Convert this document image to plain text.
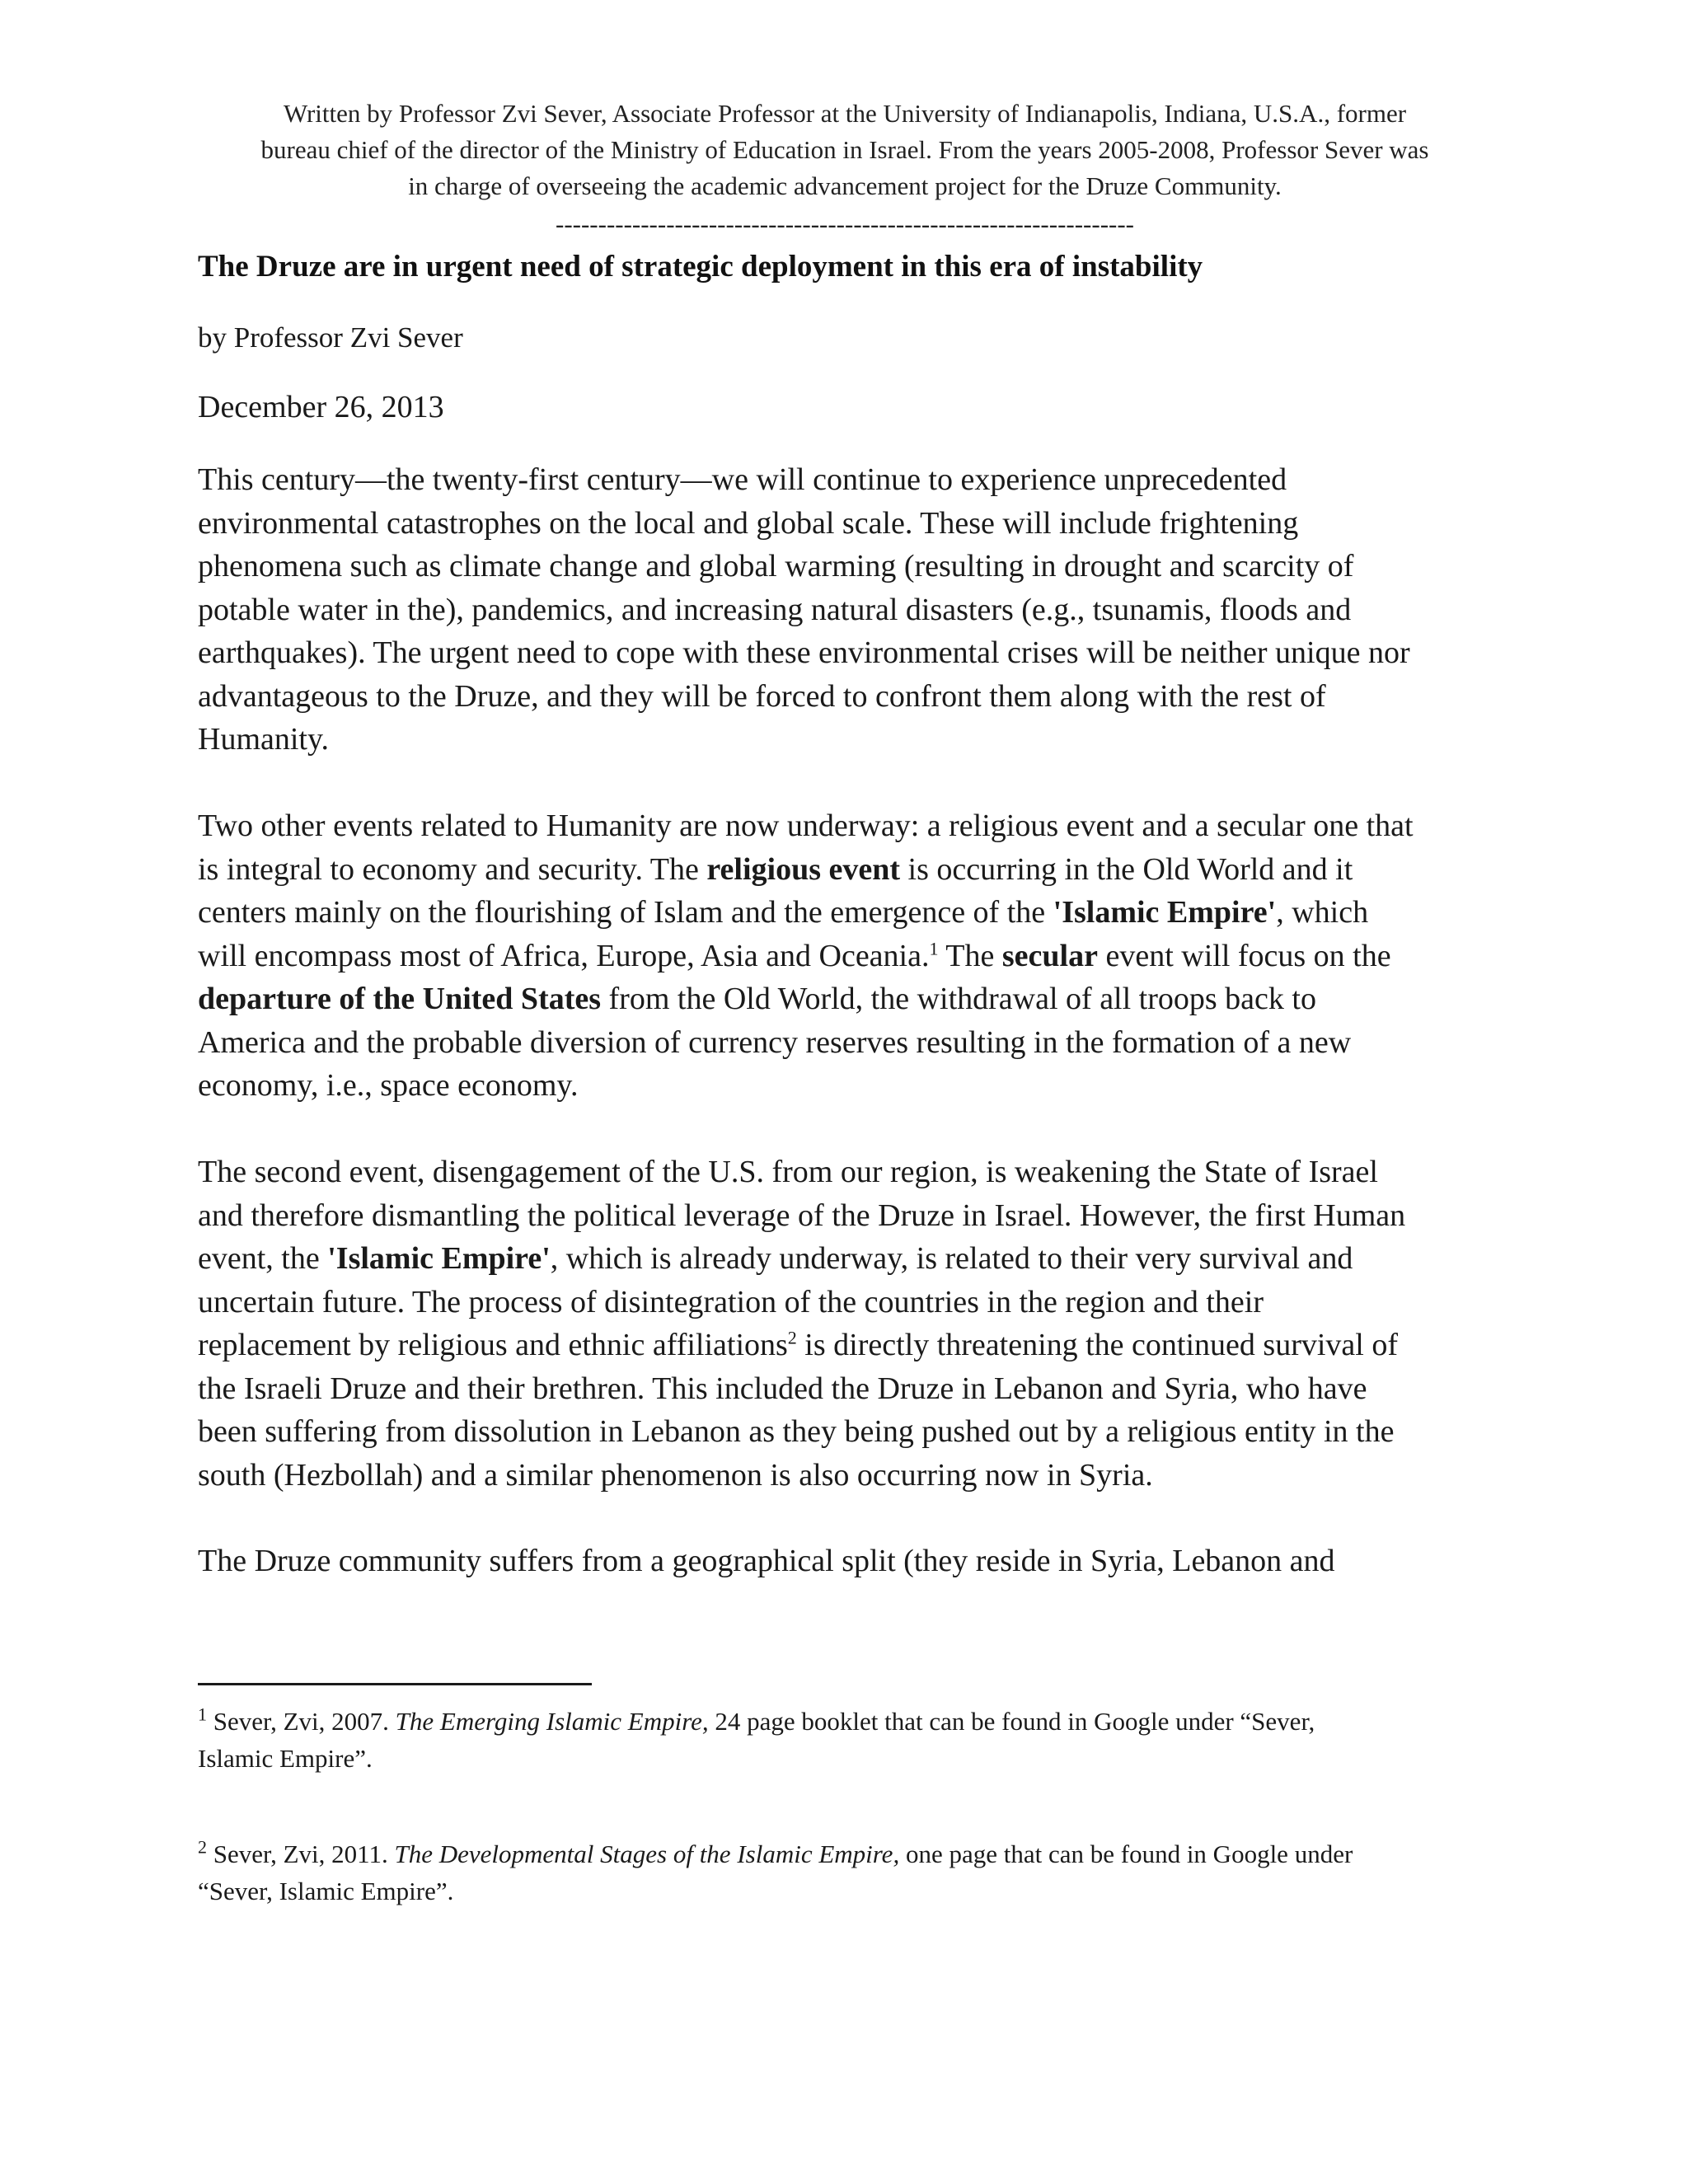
Written by Professor Zvi Sever, Associate Professor at the University of Indianapolis, Indiana, U.S.A., former
bureau chief of the director of the Ministry of Education in Israel. From the years 2005-2008, Professor Sever was
in charge of overseeing the academic advancement project for the Druze Community.
--------------------------------------------------------------------
The Druze are in urgent need of strategic deployment in this era of instability
by Professor Zvi Sever
December 26, 2013
This century—the twenty-first century—we will continue to experience unprecedented
environmental catastrophes on the local and global scale. These will include frightening
phenomena such as climate change and global warming (resulting in drought and scarcity of
potable water in the), pandemics, and increasing natural disasters (e.g., tsunamis, floods and
earthquakes). The urgent need to cope with these environmental crises will be neither unique nor
advantageous to the Druze, and they will be forced to confront them along with the rest of
Humanity.
Two other events related to Humanity are now underway: a religious event and a secular one that
is integral to economy and security. The religious event is occurring in the Old World and it
centers mainly on the flourishing of Islam and the emergence of the 'Islamic Empire', which
will encompass most of Africa, Europe, Asia and Oceania.$^1$ The secular event will focus on the
departure of the United States from the Old World, the withdrawal of all troops back to
America and the probable diversion of currency reserves resulting in the formation of a new
economy, i.e., space economy.
The second event, disengagement of the U.S. from our region, is weakening the State of Israel
and therefore dismantling the political leverage of the Druze in Israel. However, the first Human
event, the 'Islamic Empire', which is already underway, is related to their very survival and
uncertain future. The process of disintegration of the countries in the region and their
replacement by religious and ethnic affiliations$^2$ is directly threatening the continued survival of
the Israeli Druze and their brethren. This included the Druze in Lebanon and Syria, who have
been suffering from dissolution in Lebanon as they being pushed out by a religious entity in the
south (Hezbollah) and a similar phenomenon is also occurring now in Syria.
The Druze community suffers from a geographical split (they reside in Syria, Lebanon and
$^1$ Sever, Zvi, 2007. The Emerging Islamic Empire, 24 page booklet that can be found in Google under “Sever,
Islamic Empire”.
$^2$ Sever, Zvi, 2011. The Developmental Stages of the Islamic Empire, one page that can be found in Google under
“Sever, Islamic Empire”.
